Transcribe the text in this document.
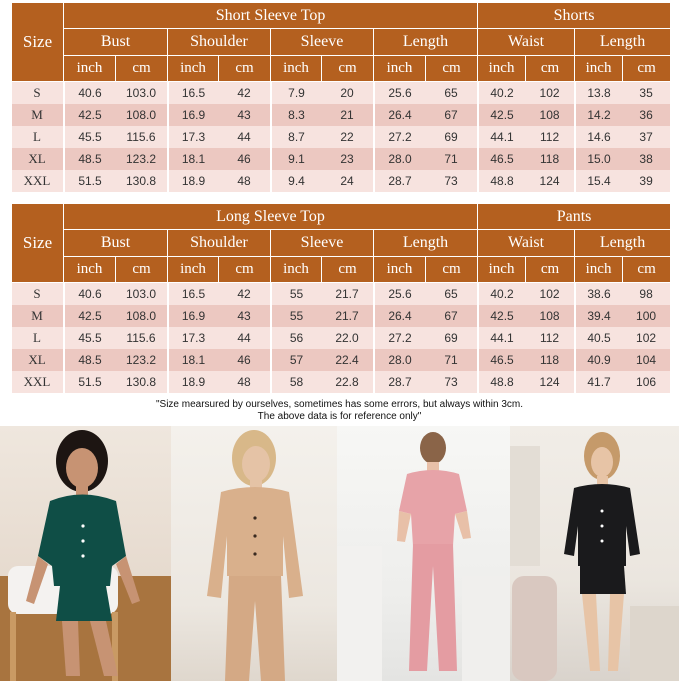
Size	Short Sleeve Top								Shorts			
	Bust		Shoulder		Sleeve		Length		Waist		Length	
	inch	cm	inch	cm	inch	cm	inch	cm	inch	cm	inch	cm
S	40.6	103.0	16.5	42	7.9	20	25.6	65	40.2	102	13.8	35
M	42.5	108.0	16.9	43	8.3	21	26.4	67	42.5	108	14.2	36
L	45.5	115.6	17.3	44	8.7	22	27.2	69	44.1	112	14.6	37
XL	48.5	123.2	18.1	46	9.1	23	28.0	71	46.5	118	15.0	38
XXL	51.5	130.8	18.9	48	9.4	24	28.7	73	48.8	124	15.4	39
Size	Long Sleeve Top								Pants			
	Bust		Shoulder		Sleeve		Length		Waist		Length	
	inch	cm	inch	cm	inch	cm	inch	cm	inch	cm	inch	cm
S	40.6	103.0	16.5	42	55	21.7	25.6	65	40.2	102	38.6	98
M	42.5	108.0	16.9	43	55	21.7	26.4	67	42.5	108	39.4	100
L	45.5	115.6	17.3	44	56	22.0	27.2	69	44.1	112	40.5	102
XL	48.5	123.2	18.1	46	57	22.4	28.0	71	46.5	118	40.9	104
XXL	51.5	130.8	18.9	48	58	22.8	28.7	73	48.8	124	41.7	106
"Size mearsured by ourselves, sometimes has some errors, but always within 3cm.
The above data is for reference only"
